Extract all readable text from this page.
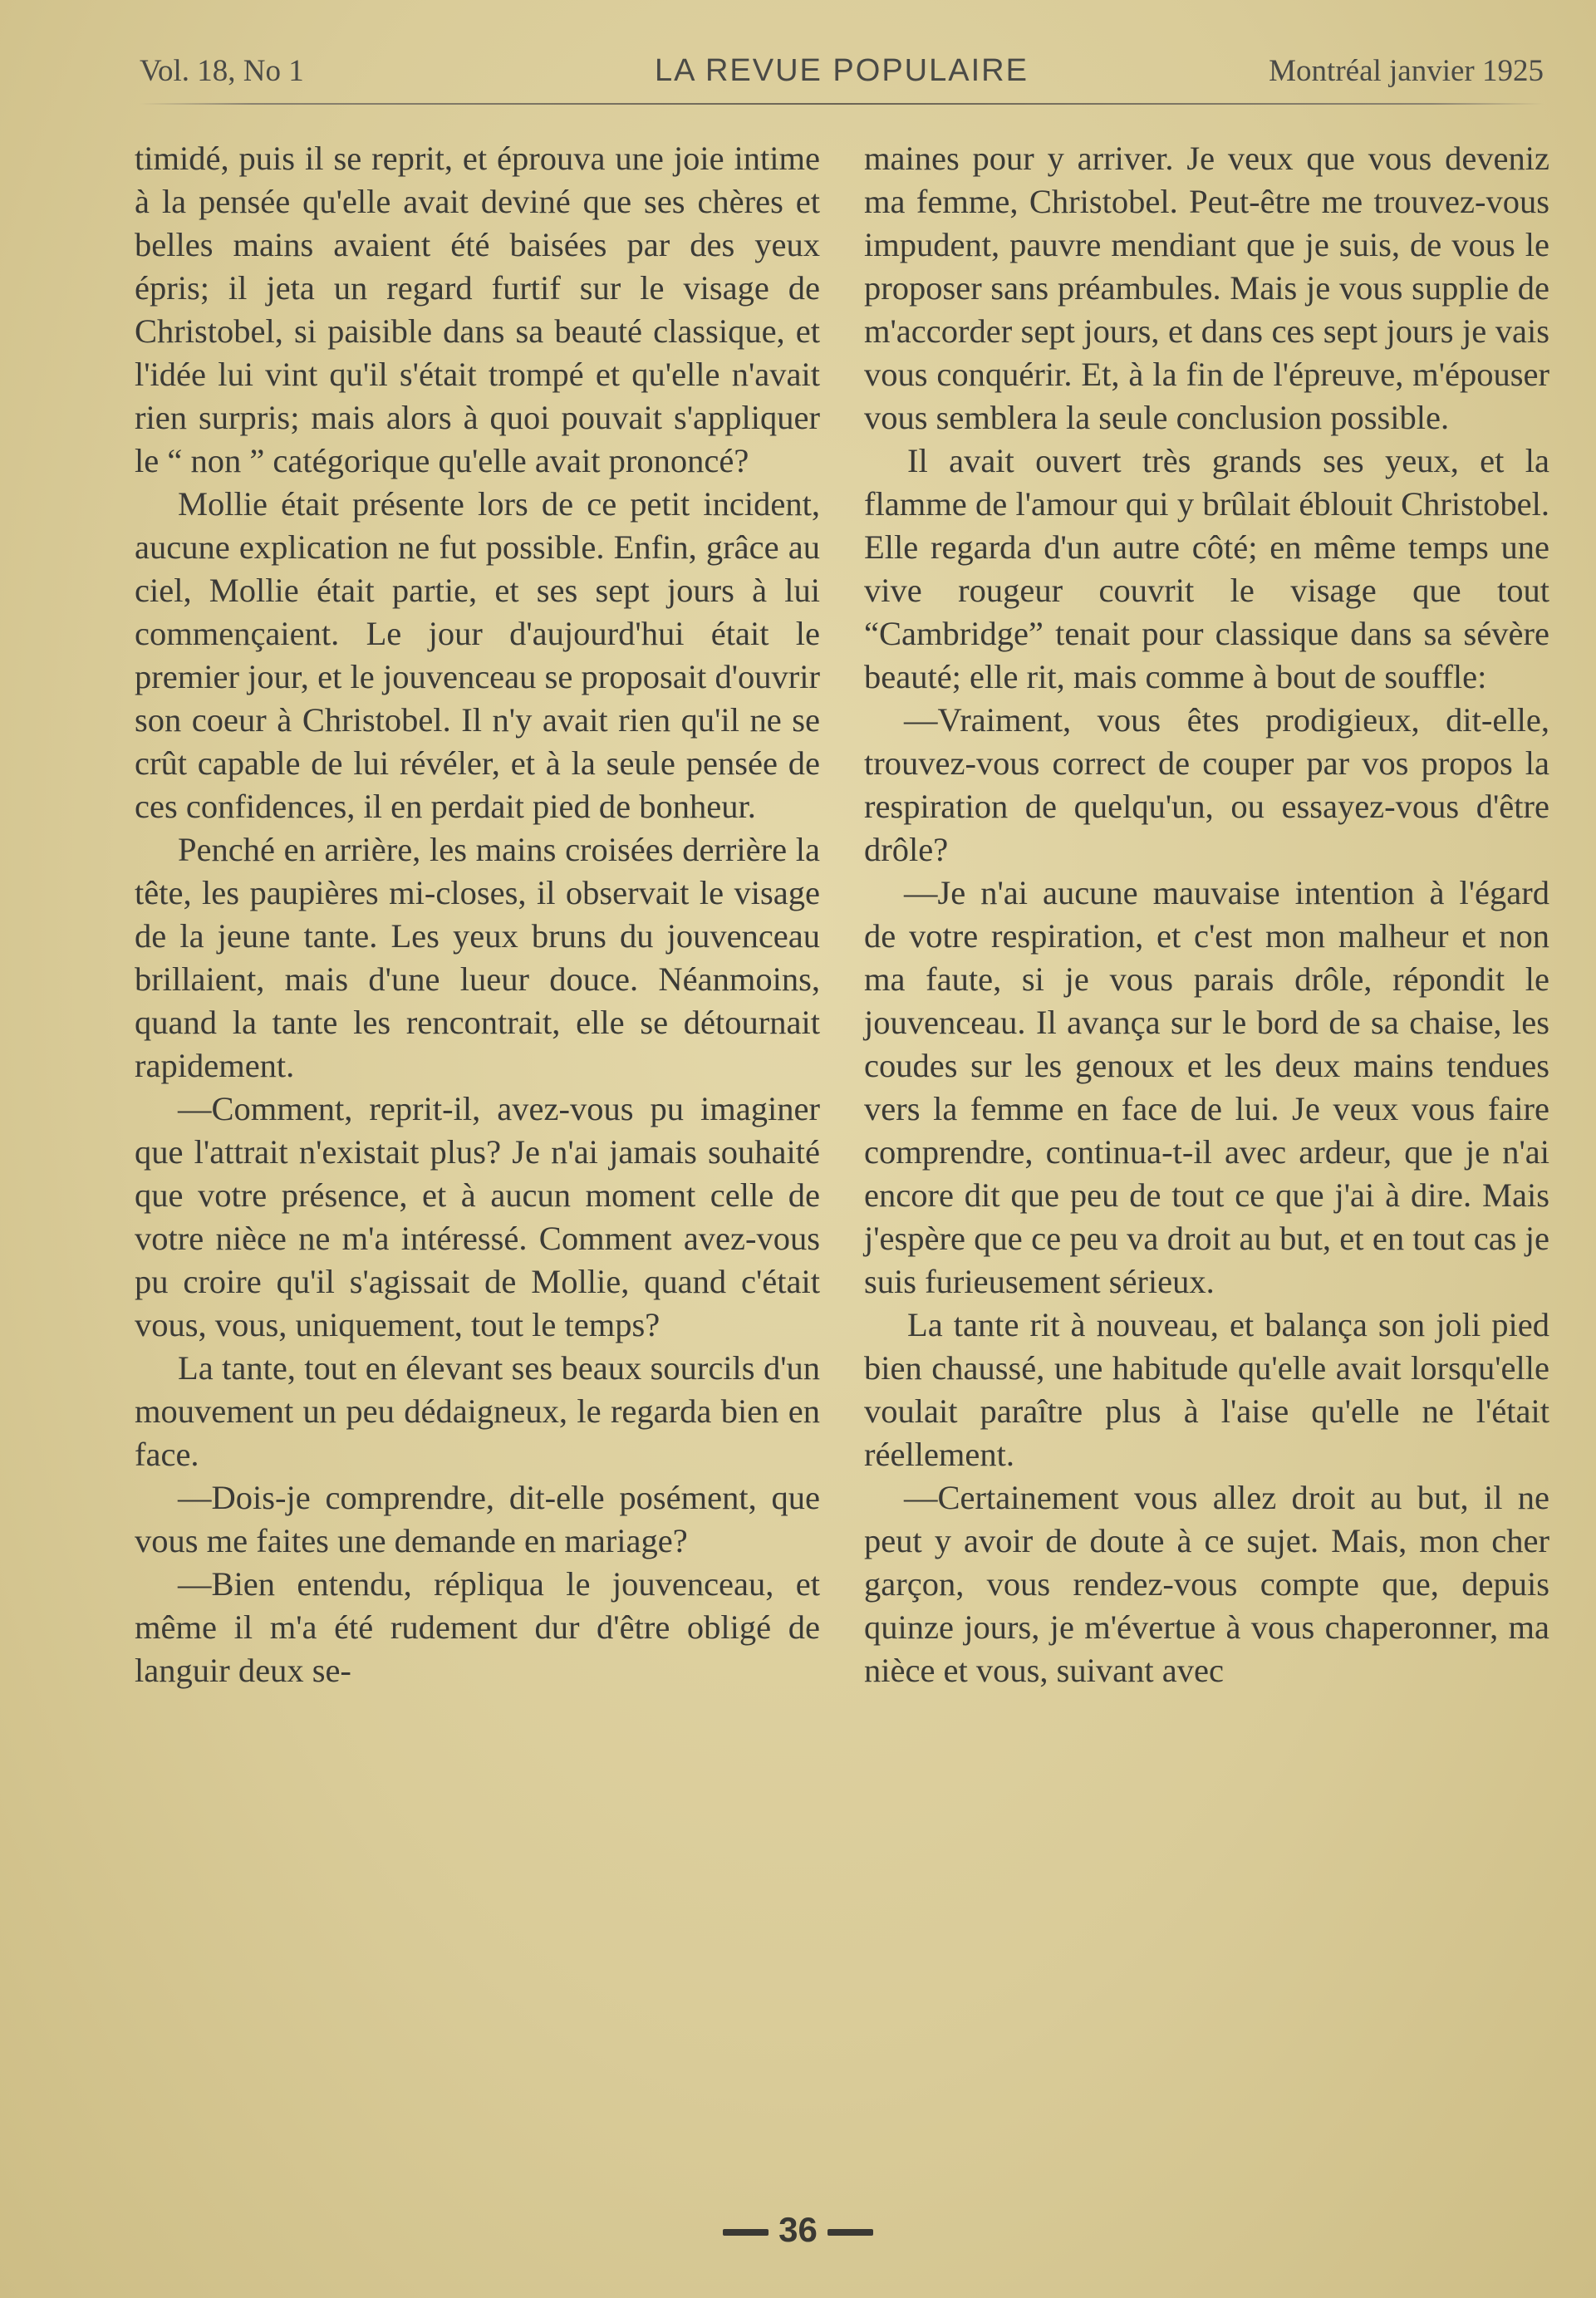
Vol. 18, No 1	LA REVUE POPULAIRE	Montréal janvier 1925

timidé, puis il se reprit, et éprouva une joie intime à la pensée qu'elle avait deviné que ses chères et belles mains avaient été baisées par des yeux épris; il jeta un regard furtif sur le visage de Christobel, si paisible dans sa beauté classique, et l'idée lui vint qu'il s'était trompé et qu'elle n'avait rien surpris; mais alors à quoi pouvait s'appliquer le “ non ” catégorique qu'elle avait prononcé?

Mollie était présente lors de ce petit incident, aucune explication ne fut possible. Enfin, grâce au ciel, Mollie était partie, et ses sept jours à lui commençaient. Le jour d'aujourd'hui était le premier jour, et le jouvenceau se proposait d'ouvrir son coeur à Christobel. Il n'y avait rien qu'il ne se crût capable de lui révéler, et à la seule pensée de ces confidences, il en perdait pied de bonheur.

Penché en arrière, les mains croisées derrière la tête, les paupières mi-closes, il observait le visage de la jeune tante. Les yeux bruns du jouvenceau brillaient, mais d'une lueur douce. Néanmoins, quand la tante les rencontrait, elle se détournait rapidement.

—Comment, reprit-il, avez-vous pu imaginer que l'attrait n'existait plus? Je n'ai jamais souhaité que votre présence, et à aucun moment celle de votre nièce ne m'a intéressé. Comment avez-vous pu croire qu'il s'agissait de Mollie, quand c'était vous, vous, uniquement, tout le temps?

La tante, tout en élevant ses beaux sourcils d'un mouvement un peu dédaigneux, le regarda bien en face.

—Dois-je comprendre, dit-elle posément, que vous me faites une demande en mariage?

—Bien entendu, répliqua le jouvenceau, et même il m'a été rudement dur d'être obligé de languir deux se-

maines pour y arriver. Je veux que vous deveniz ma femme, Christobel. Peut-être me trouvez-vous impudent, pauvre mendiant que je suis, de vous le proposer sans préambules. Mais je vous supplie de m'accorder sept jours, et dans ces sept jours je vais vous conquérir. Et, à la fin de l'épreuve, m'épouser vous semblera la seule conclusion possible.

Il avait ouvert très grands ses yeux, et la flamme de l'amour qui y brûlait éblouit Christobel. Elle regarda d'un autre côté; en même temps une vive rougeur couvrit le visage que tout “Cambridge” tenait pour classique dans sa sévère beauté; elle rit, mais comme à bout de souffle:

—Vraiment, vous êtes prodigieux, dit-elle, trouvez-vous correct de couper par vos propos la respiration de quelqu'un, ou essayez-vous d'être drôle?

—Je n'ai aucune mauvaise intention à l'égard de votre respiration, et c'est mon malheur et non ma faute, si je vous parais drôle, répondit le jouvenceau. Il avança sur le bord de sa chaise, les coudes sur les genoux et les deux mains tendues vers la femme en face de lui. Je veux vous faire comprendre, continua-t-il avec ardeur, que je n'ai encore dit que peu de tout ce que j'ai à dire. Mais j'espère que ce peu va droit au but, et en tout cas je suis furieusement sérieux.

La tante rit à nouveau, et balança son joli pied bien chaussé, une habitude qu'elle avait lorsqu'elle voulait paraître plus à l'aise qu'elle ne l'était réellement.

—Certainement vous allez droit au but, il ne peut y avoir de doute à ce sujet. Mais, mon cher garçon, vous rendez-vous compte que, depuis quinze jours, je m'évertue à vous chaperonner, ma nièce et vous, suivant avec

36
